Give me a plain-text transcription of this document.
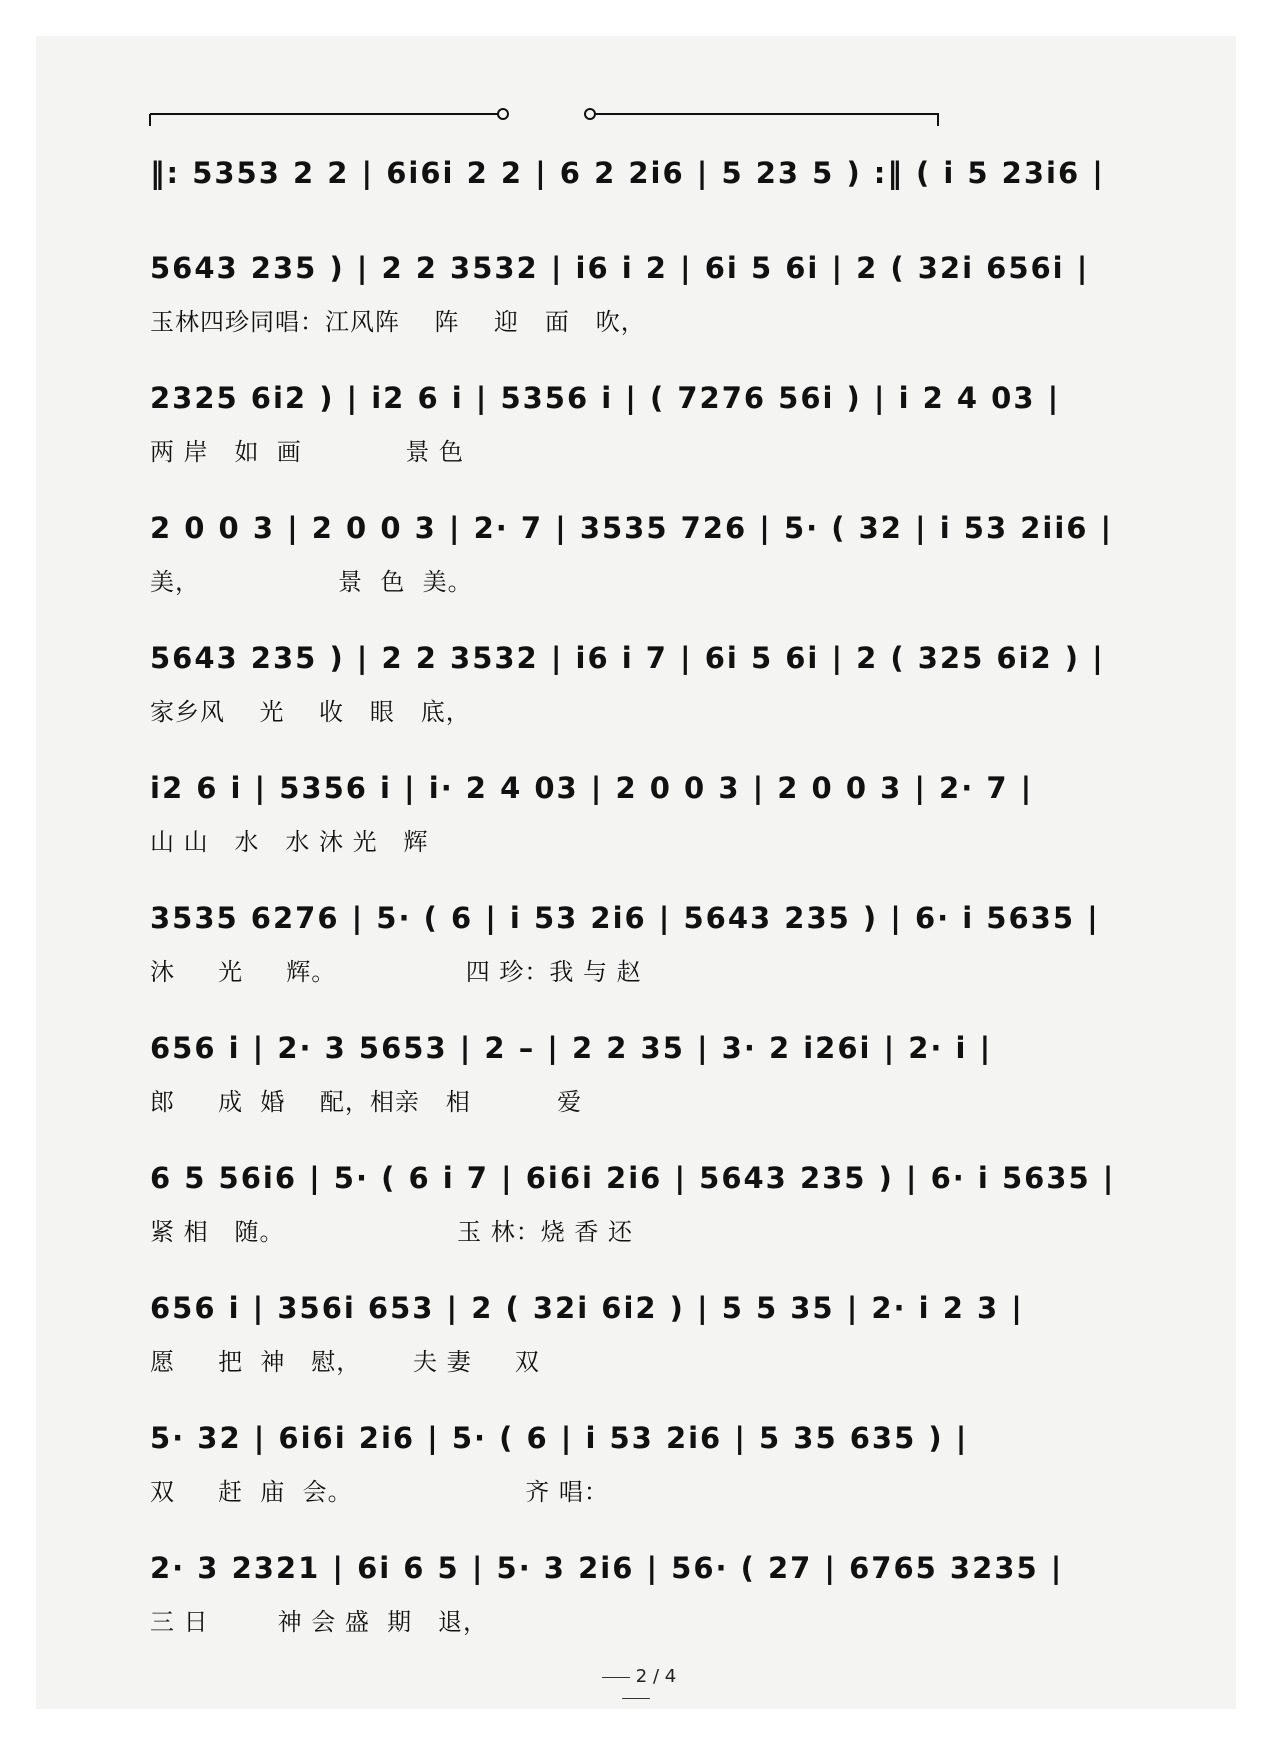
‖: 5353 2 2 | 6i6i 2 2 | 6 2 2i6 | 5 23 5 ) :‖ ( i 5 23i6 |
5643 235 ) | 2 2 3532 | i6 i 2 | 6i 5 6i | 2 ( 32i 656i |
玉林四珍同唱：江风阵    阵    迎   面   吹，
2325 6i2 ) | i2 6 i | 5356 i | ( 7276 56i ) | i 2 4 03 |
两 岸   如  画            景 色
2 0 0 3 | 2 0 0 3 | 2· 7 | 3535 726 | 5· ( 32 | i 53 2ii6 |
美，                景  色  美。
5643 235 ) | 2 2 3532 | i6 i 7 | 6i 5 6i | 2 ( 325 6i2 ) |
家乡风    光    收   眼   底，
i2 6 i | 5356 i | i· 2 4 03 | 2 0 0 3 | 2 0 0 3 | 2· 7 |
山 山   水   水 沐 光   辉
3535 6276 | 5· ( 6 | i 53 2i6 | 5643 235 ) | 6· i 5635 |
沐     光     辉。               四 珍：我 与 赵
656 i | 2· 3 5653 | 2 – | 2 2 35 | 3· 2 i26i | 2· i |
郎     成  婚    配，相亲   相          爱
6 5 56i6 | 5· ( 6 i 7 | 6i6i 2i6 | 5643 235 ) | 6· i 5635 |
紧 相   随。                    玉 林：烧 香 还
656 i | 356i 653 | 2 ( 32i 6i2 ) | 5 5 35 | 2· i 2 3 |
愿     把  神   慰，      夫 妻     双
5· 32 | 6i6i 2i6 | 5· ( 6 | i 53 2i6 | 5 35 635 ) |
双     赶  庙  会。                    齐 唱：
2· 3 2321 | 6i 6 5 | 5· 3 2i6 | 56· ( 27 | 6765 3235 |
三 日        神 会 盛  期   退，
2 / 4
